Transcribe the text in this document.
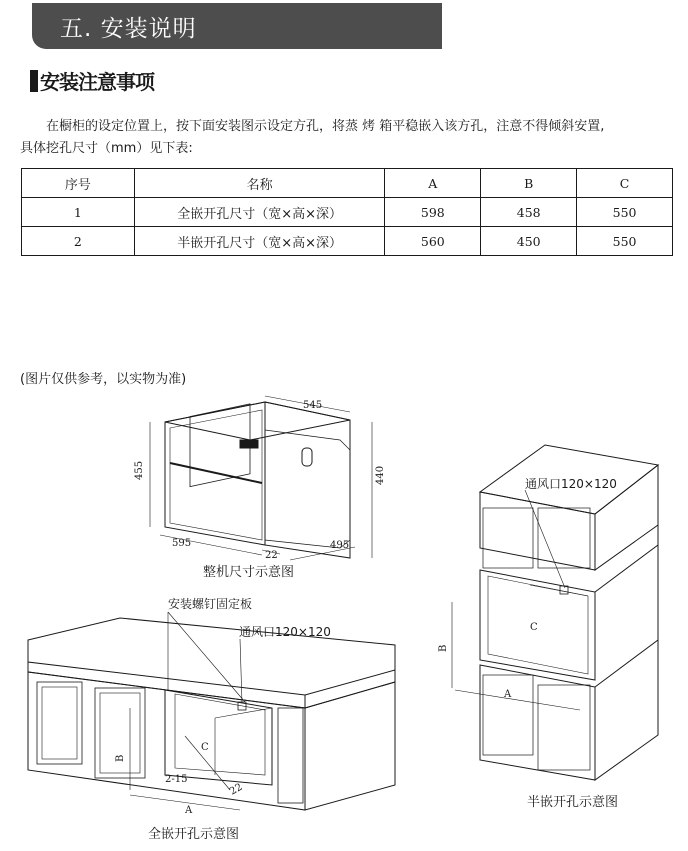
五. 安装说明
安装注意事项
在橱柜的设定位置上，按下面安装图示设定方孔，将蒸 烤 箱平稳嵌入该方孔，注意不得倾斜安置,
具体挖孔尺寸（mm）见下表:
序号	名称	A	B	C
1	全嵌开孔尺寸（宽×高×深）	598	458	550
2	半嵌开孔尺寸（宽×高×深）	560	450	550
(图片仅供参考，以实物为准)
545
455	440
595
22
495
整机尺寸示意图
安装螺钉固定板
通风口120×120
B
C
2-15
22
A
全嵌开孔示意图
通风口120×120
B
C
A
半嵌开孔示意图
